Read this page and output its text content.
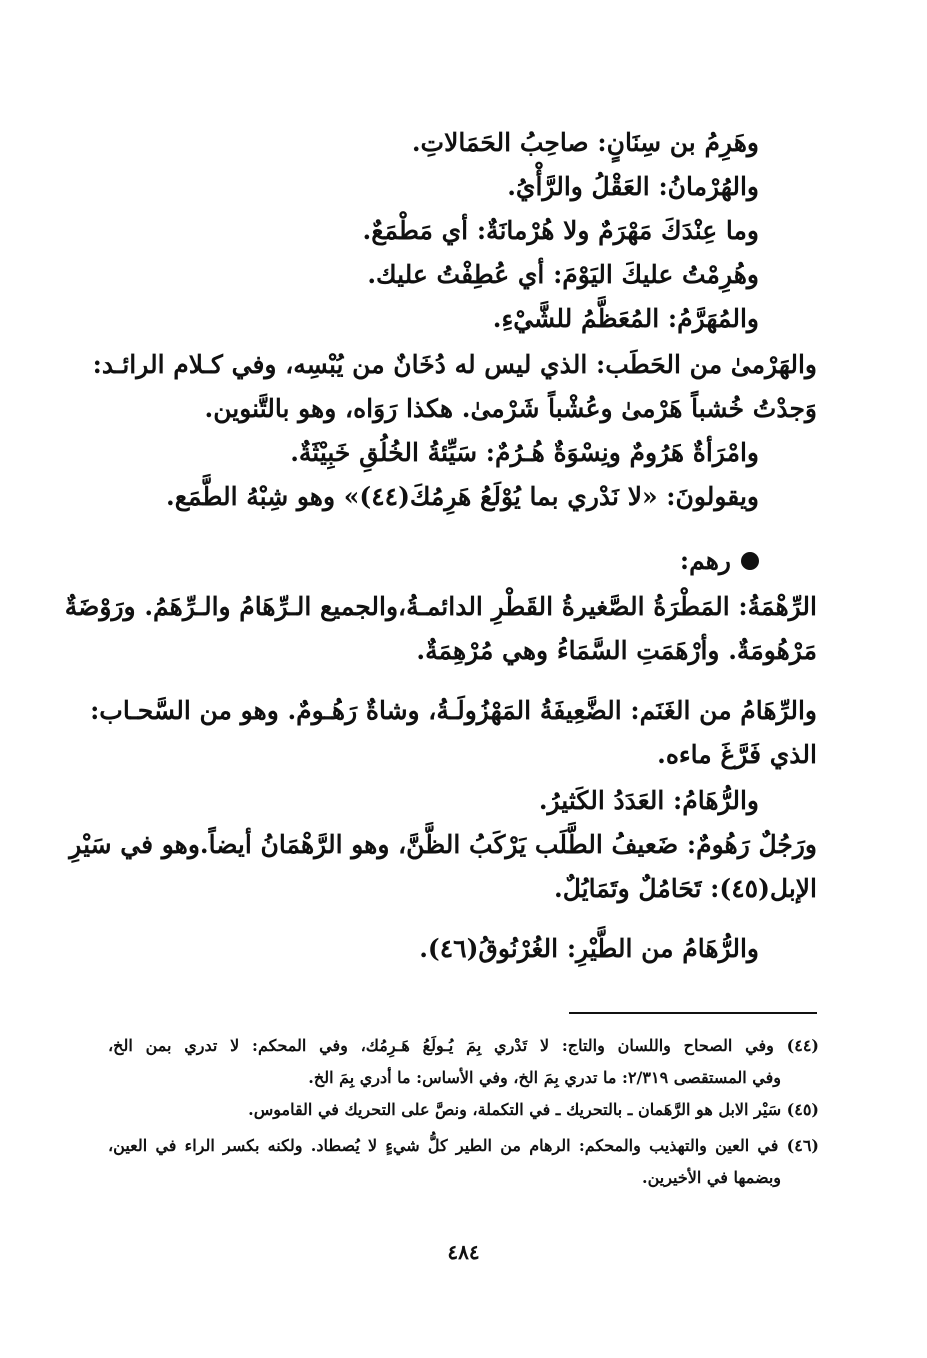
وهَرِمُ بن سِنَانٍ: صاحِبُ الحَمَالاتِ.
والهُرْمانُ: العَقْلُ والرَّأْيُ.
وما عِنْدَكَ مَهْرَمٌ ولا هُرْمانَةٌ: أي مَطْمَعٌ.
وهُرِمْتُ عليكَ اليَوْمَ: أي عُطِفْتُ عليك.
والمُهَرَّمُ: المُعَظَّمُ للشَّيْءِ.
والهَرْمىٰ من الحَطَب: الذي ليس له دُخَانٌ من يُبْسِه، وفي كـلام الرائـد:
وَجدْتُ خُشباً هَرْمىٰ وعُشْباً شَرْمىٰ. هكذا رَوَاه، وهو بالتَّنوين.
وامْرَأةٌ هَرُومٌ ونِسْوَةٌ هُـرُمٌ: سَيِّئةُ الخُلُقِ خَبِيْثَةٌ.
ويقولونَ: «لا نَدْري بما يُوْلَعُ هَرِمُكَ(٤٤)» وهو شِبْهُ الطَّمَع.
رهم:
الرِّهْمَةُ: المَطْرَةُ الصَّغيرةُ القَطْرِ الدائمـةُ،والجميع الـرِّهَامُ والـرِّهَمُ. ورَوْضَةٌ
مَرْهُومَةٌ. وأرْهَمَتِ السَّمَاءُ وهي مُرْهِمَةٌ.
والرِّهَامُ من الغَنَم: الضَّعِيفَةُ المَهْزُولَـةُ، وشاةٌ رَهُـومٌ. وهو من السَّحـاب:
الذي فَرَّغَ ماءه.
والرُّهَامُ: العَدَدُ الكَثيرُ.
ورَجُلٌ رَهُومٌ: ضَعيفُ الطَّلَب يَرْكَبُ الظَّنَّ، وهو الرَّهْمَانُ أيضاً.وهو في سَيْرِ
الإبل(٤٥): تَحَامُلٌ وتَمَايُلٌ.
والرُّهَامُ من الطَّيْرِ: الغُرْنُوقُ(٤٦).
(٤٤) وفي الصحاح واللسان والتاج: لا تَدْري بِمَ يُـولَعُ هَـرِمُك، وفي المحكم: لا تدري بمن الخ،
وفي المستقصى ٢/٣١٩: ما تدري بِمَ الخ، وفي الأساس: ما أدري بِمَ الخ.
(٤٥) سَيْر الابل هو الرَّهَمان ـ بالتحريك ـ في التكملة، ونصَّ على التحريك في القاموس.
(٤٦) في العين والتهذيب والمحكم: الرهام من الطير كلُّ شيءٍ لا يُصطاد. ولكنه بكسر الراء في العين،
وبضمها في الأخيرين.
٤٨٤
